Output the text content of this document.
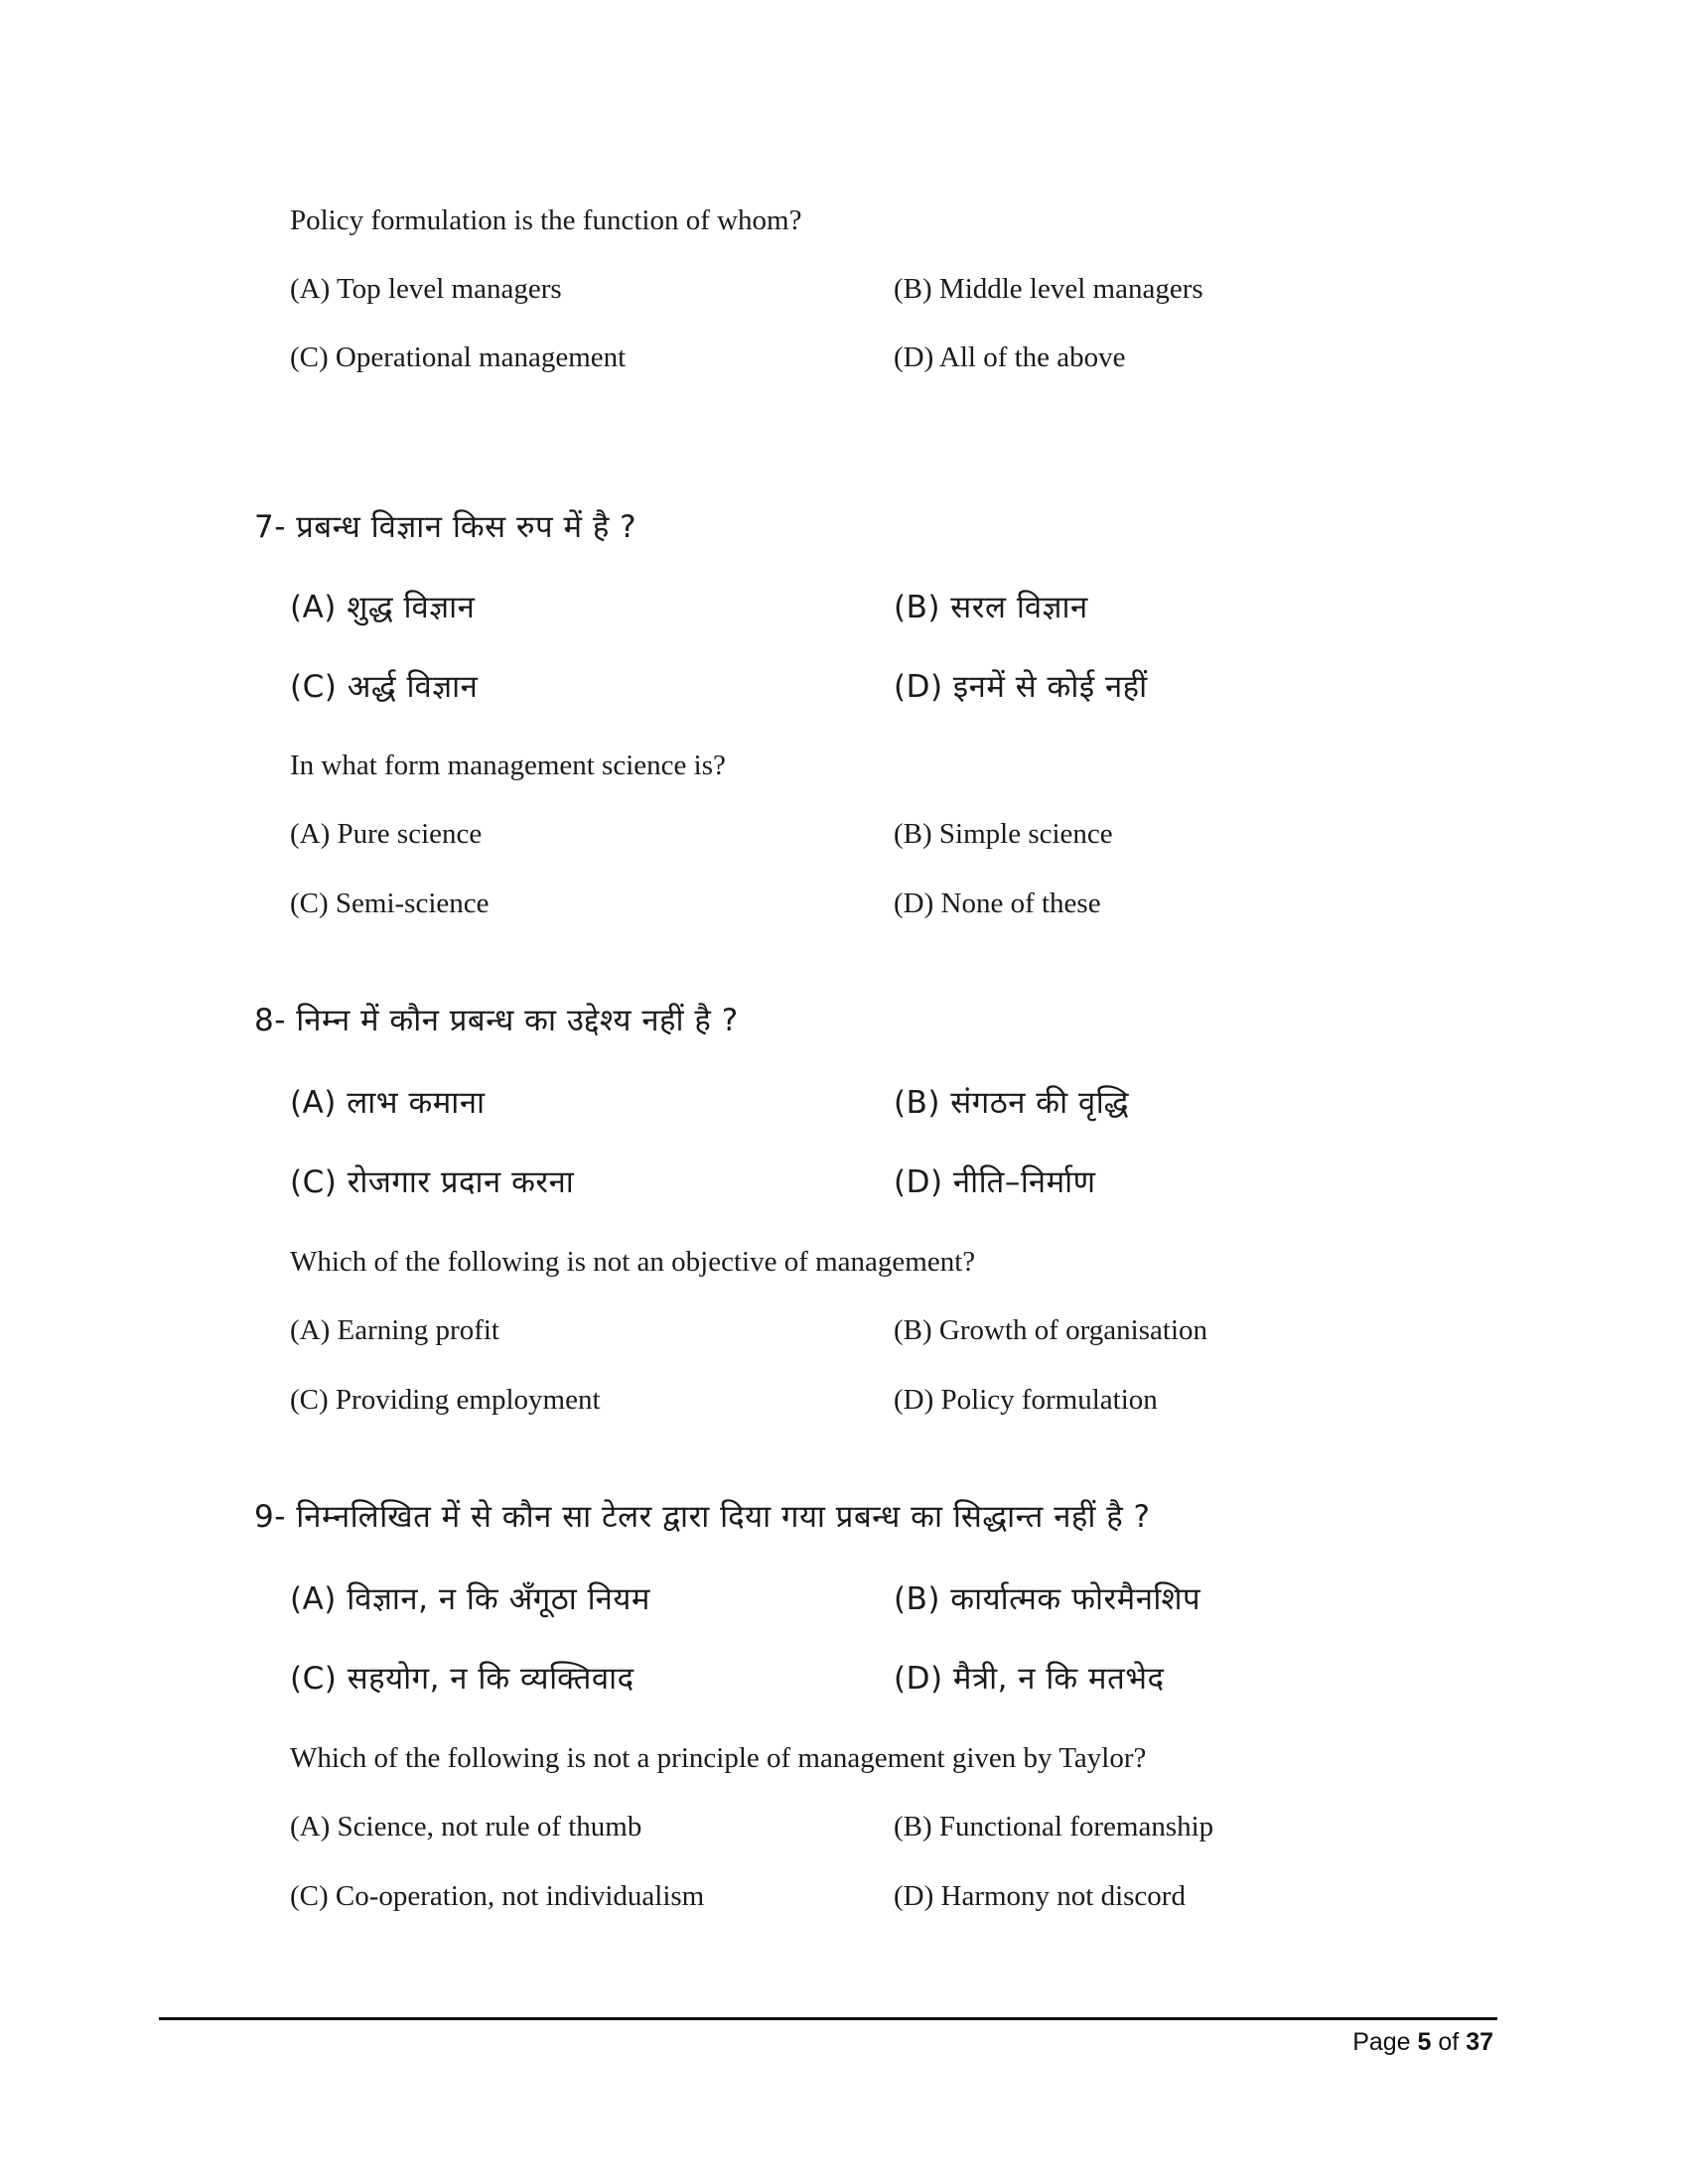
Policy formulation is the function of whom?
(A) Top level managers	(B) Middle level managers
(C) Operational management	(D) All of the above
7- प्रबन्ध विज्ञान किस रुप में है ?
(A) शुद्ध विज्ञान	(B) सरल विज्ञान
(C) अर्द्ध विज्ञान	(D) इनमें से कोई नहीं
In what form management science is?
(A) Pure science	(B) Simple science
(C) Semi-science	(D) None of these
8- निम्न में कौन प्रबन्ध का उद्देश्य नहीं है ?
(A) लाभ कमाना	(B) संगठन की वृद्धि
(C) रोजगार प्रदान करना	(D) नीति–निर्माण
Which of the following is not an objective of management?
(A) Earning profit	(B) Growth of organisation
(C) Providing employment	(D) Policy formulation
9- निम्नलिखित में से कौन सा टेलर द्वारा दिया गया प्रबन्ध का सिद्धान्त नहीं है ?
(A) विज्ञान, न कि अँगूठा नियम	(B) कार्यात्मक फोरमैनशिप
(C) सहयोग, न कि व्यक्तिवाद	(D) मैत्री, न कि मतभेद
Which of the following is not a principle of management given by Taylor?
(A) Science, not rule of thumb	(B) Functional foremanship
(C) Co-operation, not individualism	(D) Harmony not discord
Page 5 of 37
